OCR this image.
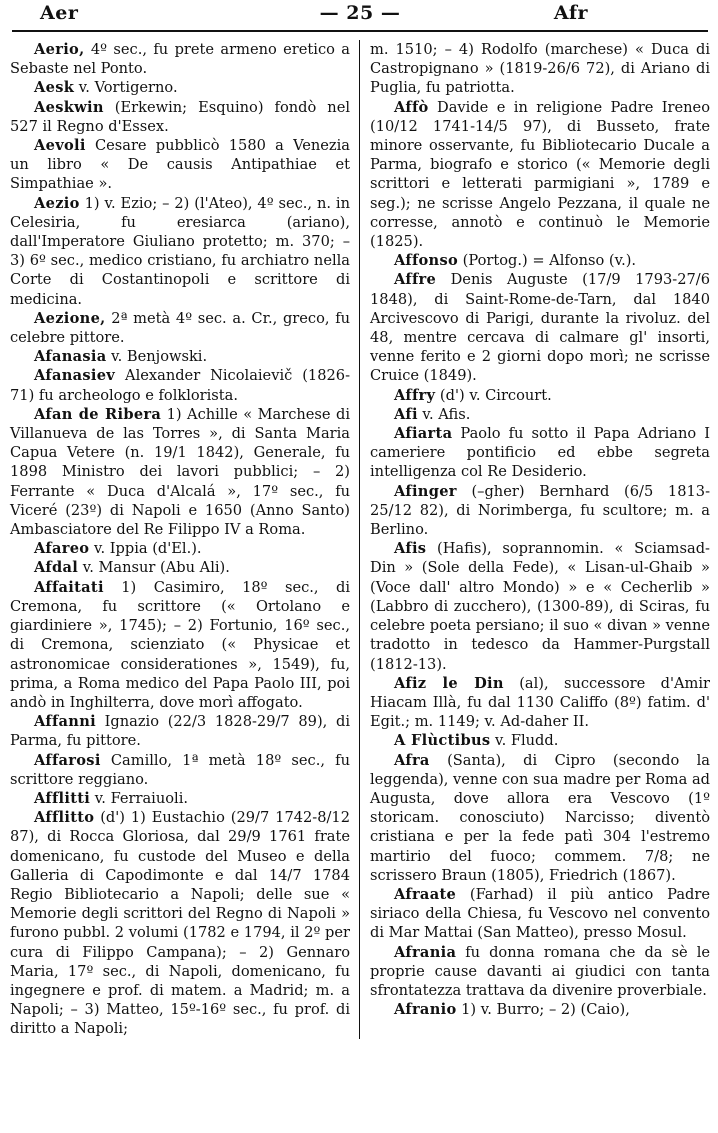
Aer	— 25 —	Afr

Aerio, 4º sec., fu prete armeno eretico a Sebaste nel Ponto.

Aesk v. Vortigerno.

Aeskwin (Erkewin; Esquino) fondò nel 527 il Regno d'Essex.

Aevoli Cesare pubblicò 1580 a Venezia un libro « De causis Antipathiae et Simpathiae ».

Aezio 1) v. Ezio; – 2) (l'Ateo), 4º sec., n. in Celesiria, fu eresiarca (ariano), dall'Imperatore Giuliano protetto; m. 370; – 3) 6º sec., medico cristiano, fu archiatro nella Corte di Costantinopoli e scrittore di medicina.

Aezione, 2ª metà 4º sec. a. Cr., greco, fu celebre pittore.

Afanasia v. Benjowski.

Afanasiev Alexander Nicolaievič (1826-71) fu archeologo e folklorista.

Afan de Ribera 1) Achille « Marchese di Villanueva de las Torres », di Santa Maria Capua Vetere (n. 19/1 1842), Generale, fu 1898 Ministro dei lavori pubblici; – 2) Ferrante « Duca d'Alcalá », 17º sec., fu Viceré (23º) di Napoli e 1650 (Anno Santo) Ambasciatore del Re Filippo IV a Roma.

Afareo v. Ippia (d'El.).

Afdal v. Mansur (Abu Ali).

Affaitati 1) Casimiro, 18º sec., di Cremona, fu scrittore (« Ortolano e giardiniere », 1745); – 2) Fortunio, 16º sec., di Cremona, scienziato (« Physicae et astronomicae considerationes », 1549), fu, prima, a Roma medico del Papa Paolo III, poi andò in Inghilterra, dove morì affogato.

Affanni Ignazio (22/3 1828-29/7 89), di Parma, fu pittore.

Affarosi Camillo, 1ª metà 18º sec., fu scrittore reggiano.

Afflitti v. Ferraiuoli.

Afflitto (d') 1) Eustachio (29/7 1742-8/12 87), di Rocca Gloriosa, dal 29/9 1761 frate domenicano, fu custode del Museo e della Galleria di Capodimonte e dal 14/7 1784 Regio Bibliotecario a Napoli; delle sue « Memorie degli scrittori del Regno di Napoli » furono pubbl. 2 volumi (1782 e 1794, il 2º per cura di Filippo Campana); – 2) Gennaro Maria, 17º sec., di Napoli, domenicano, fu ingegnere e prof. di matem. a Madrid; m. a Napoli; – 3) Matteo, 15º-16º sec., fu prof. di diritto a Napoli;

m. 1510; – 4) Rodolfo (marchese) « Duca di Castropignano » (1819-26/6 72), di Ariano di Puglia, fu patriotta.

Affò Davide e in religione Padre Ireneo (10/12 1741-14/5 97), di Busseto, frate minore osservante, fu Bibliotecario Ducale a Parma, biografo e storico (« Memorie degli scrittori e letterati parmigiani », 1789 e seg.); ne scrisse Angelo Pezzana, il quale ne corresse, annotò e continuò le Memorie (1825).

Affonso (Portog.) = Alfonso (v.).

Affre Denis Auguste (17/9 1793-27/6 1848), di Saint-Rome-de-Tarn, dal 1840 Arcivescovo di Parigi, durante la rivoluz. del 48, mentre cercava di calmare gl' insorti, venne ferito e 2 giorni dopo morì; ne scrisse Cruice (1849).

Affry (d') v. Circourt.

Afi v. Afis.

Afiarta Paolo fu sotto il Papa Adriano I cameriere pontificio ed ebbe segreta intelligenza col Re Desiderio.

Afinger (–gher) Bernhard (6/5 1813-25/12 82), di Norimberga, fu scultore; m. a Berlino.

Afis (Hafis), soprannomin. « Sciamsad-Din » (Sole della Fede), « Lisan-ul-Ghaib » (Voce dall' altro Mondo) » e « Cecherlib » (Labbro di zucchero), (1300-89), di Sciras, fu celebre poeta persiano; il suo « divan » venne tradotto in tedesco da Hammer-Purgstall (1812-13).

Afiz le Din (al), successore d'Amir Hiacam Illà, fu dal 1130 Califfo (8º) fatim. d' Egit.; m. 1149; v. Ad-daher II.

A Flùctibus v. Fludd.

Afra (Santa), di Cipro (secondo la leggenda), venne con sua madre per Roma ad Augusta, dove allora era Vescovo (1º storicam. conosciuto) Narcisso; diventò cristiana e per la fede patì 304 l'estremo martirio del fuoco; commem. 7/8; ne scrissero Braun (1805), Friedrich (1867).

Afraate (Farhad) il più antico Padre siriaco della Chiesa, fu Vescovo nel convento di Mar Mattai (San Matteo), presso Mosul.

Afrania fu donna romana che da sè le proprie cause davanti ai giudici con tanta sfrontatezza trattava da divenire proverbiale.

Afranio 1) v. Burro; – 2) (Caio),
